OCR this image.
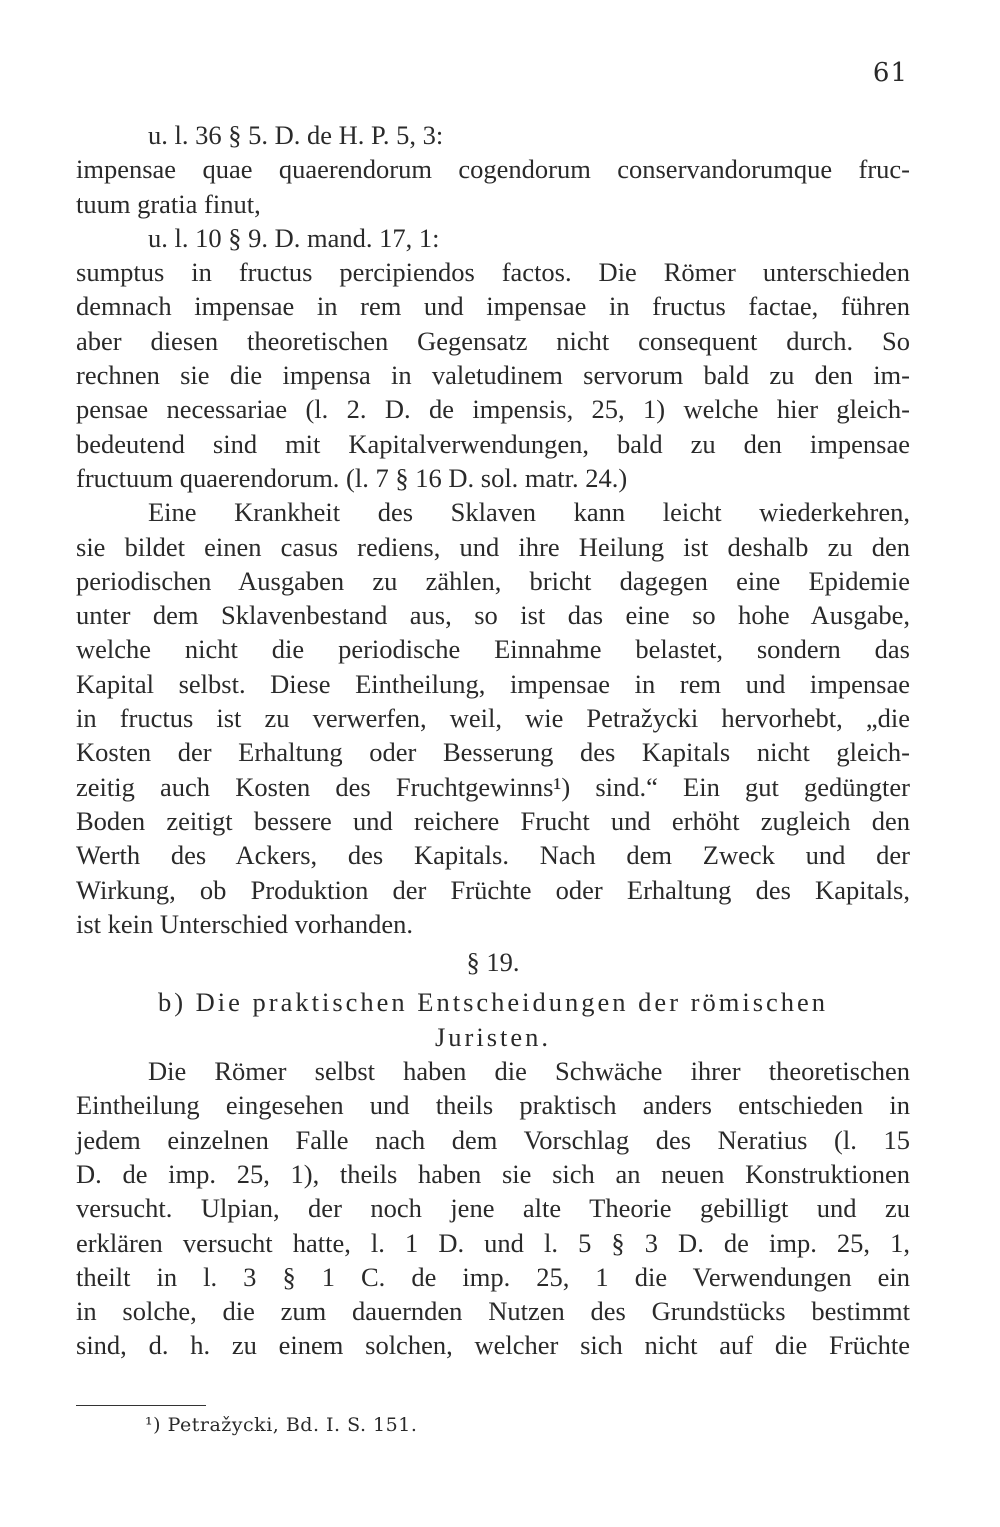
61
u. l. 36 § 5. D. de H. P. 5, 3:
impensae quae quaerendorum cogendorum conservandorumque fruc-
tuum gratia finut,
u. l. 10 § 9. D. mand. 17, 1:
sumptus in fructus percipiendos factos. Die Römer unterschieden
demnach impensae in rem und impensae in fructus factae, führen
aber diesen theoretischen Gegensatz nicht consequent durch. So
rechnen sie die impensa in valetudinem servorum bald zu den im-
pensae necessariae (l. 2. D. de impensis, 25, 1) welche hier gleich-
bedeutend sind mit Kapitalverwendungen, bald zu den impensae
fructuum quaerendorum. (l. 7 § 16 D. sol. matr. 24.)
Eine Krankheit des Sklaven kann leicht wiederkehren,
sie bildet einen casus rediens, und ihre Heilung ist deshalb zu den
periodischen Ausgaben zu zählen, bricht dagegen eine Epidemie
unter dem Sklavenbestand aus, so ist das eine so hohe Ausgabe,
welche nicht die periodische Einnahme belastet, sondern das
Kapital selbst. Diese Eintheilung, impensae in rem und impensae
in fructus ist zu verwerfen, weil, wie Petražycki hervorhebt, „die
Kosten der Erhaltung oder Besserung des Kapitals nicht gleich-
zeitig auch Kosten des Fruchtgewinns¹) sind.“ Ein gut gedüngter
Boden zeitigt bessere und reichere Frucht und erhöht zugleich den
Werth des Ackers, des Kapitals. Nach dem Zweck und der
Wirkung, ob Produktion der Früchte oder Erhaltung des Kapitals,
ist kein Unterschied vorhanden.
§ 19.
b) Die praktischen Entscheidungen der römischen
Juristen.
Die Römer selbst haben die Schwäche ihrer theoretischen
Eintheilung eingesehen und theils praktisch anders entschieden in
jedem einzelnen Falle nach dem Vorschlag des Neratius (l. 15
D. de imp. 25, 1), theils haben sie sich an neuen Konstruktionen
versucht. Ulpian, der noch jene alte Theorie gebilligt und zu
erklären versucht hatte, l. 1 D. und l. 5 § 3 D. de imp. 25, 1,
theilt in l. 3 § 1 C. de imp. 25, 1 die Verwendungen ein
in solche, die zum dauernden Nutzen des Grundstücks bestimmt
sind, d. h. zu einem solchen, welcher sich nicht auf die Früchte
¹) Petražycki, Bd. I. S. 151.
